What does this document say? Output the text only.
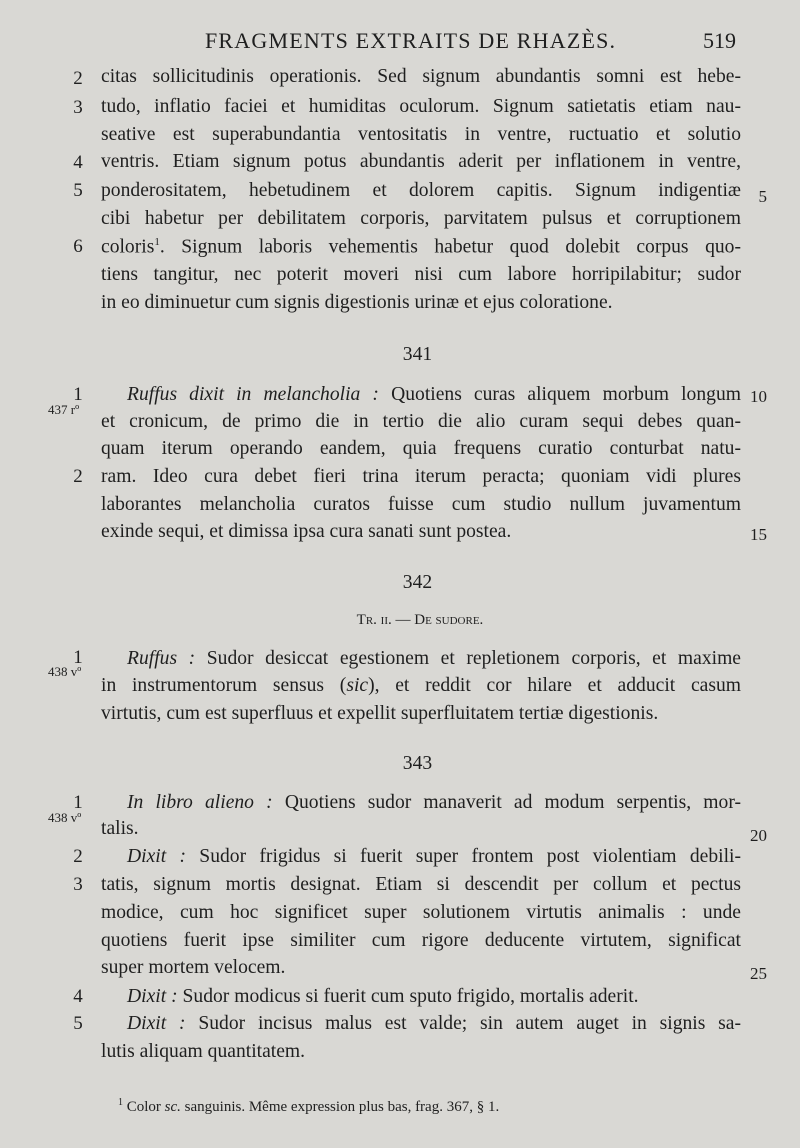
FRAGMENTS EXTRAITS DE RHAZÈS.	519
citas sollicitudinis operationis. Sed signum abundantis somni est hebe-
tudo, inflatio faciei et humiditas oculorum. Signum satietatis etiam nau-
seative est superabundantia ventositatis in ventre, ructuatio et solutio
ventris. Etiam signum potus abundantis aderit per inflationem in ventre,
ponderositatem, hebetudinem et dolorem capitis. Signum indigentiæ
cibi habetur per debilitatem corporis, parvitatem pulsus et corruptionem
coloris$^1$. Signum laboris vehementis habetur quod dolebit corpus quo-
tiens tangitur, nec poterit moveri nisi cum labore horripilabitur; sudor
in eo diminuetur cum signis digestionis urinæ et ejus coloratione.
2
3
4
5
6
341
1
437 rº
Ruffus dixit in melancholia : Quotiens curas aliquem morbum longum
et cronicum, de primo die in tertio die alio curam sequi debes quan-
quam iterum operando eandem, quia frequens curatio conturbat natu-
2 ram. Ideo cura debet fieri trina iterum peracta; quoniam vidi plures
laborantes melancholia curatos fuisse cum studio nullum juvamentum
exinde sequi, et dimissa ipsa cura sanati sunt postea.
342
Tr. ii. — De sudore.
1
438 vº
Ruffus : Sudor desiccat egestionem et repletionem corporis, et maxime
in instrumentorum sensus (sic), et reddit cor hilare et adducit casum
virtutis, cum est superfluus et expellit superfluitatem tertiæ digestionis.
343
1
438 vº
In libro alieno : Quotiens sudor manaverit ad modum serpentis, mor-
talis.
2 Dixit : Sudor frigidus si fuerit super frontem post violentiam debili-
3 tatis, signum mortis designat. Etiam si descendit per collum et pectus
modice, cum hoc significet super solutionem virtutis animalis : unde
quotiens fuerit ipse similiter cum rigore deducente virtutem, significat
super mortem velocem.
4 Dixit : Sudor modicus si fuerit cum sputo frigido, mortalis aderit.
5 Dixit : Sudor incisus malus est valde; sin autem auget in signis sa-
lutis aliquam quantitatem.
5
10
15
20
25
$^1$ Color sc. sanguinis. Même expression plus bas, frag. 367, § 1.
